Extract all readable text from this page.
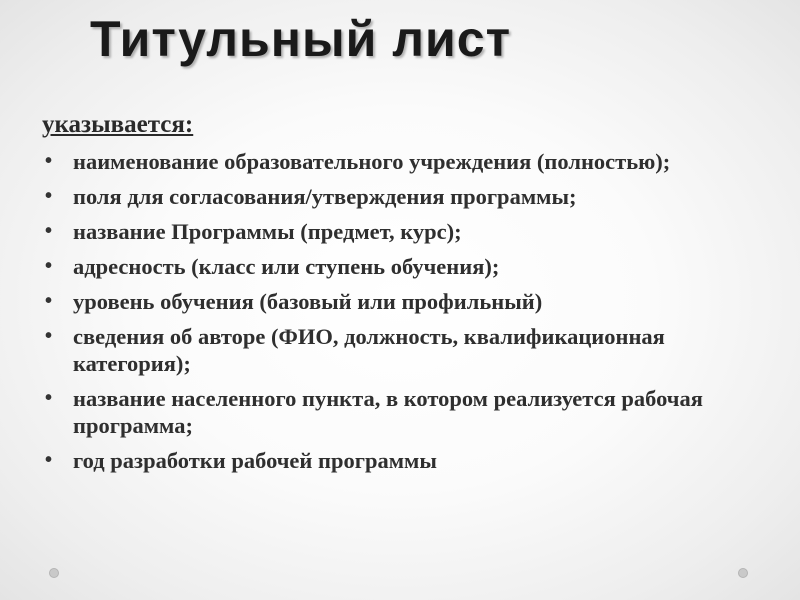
Титульный лист
указывается:
• наименование образовательного учреждения (полностью);
• поля для согласования/утверждения программы;
• название Программы (предмет, курс);
• адресность (класс или ступень обучения);
• уровень обучения (базовый или профильный)
• сведения об авторе (ФИО, должность, квалификационная категория);
• название населенного пункта, в котором реализуется рабочая программа;
• год разработки рабочей программы
